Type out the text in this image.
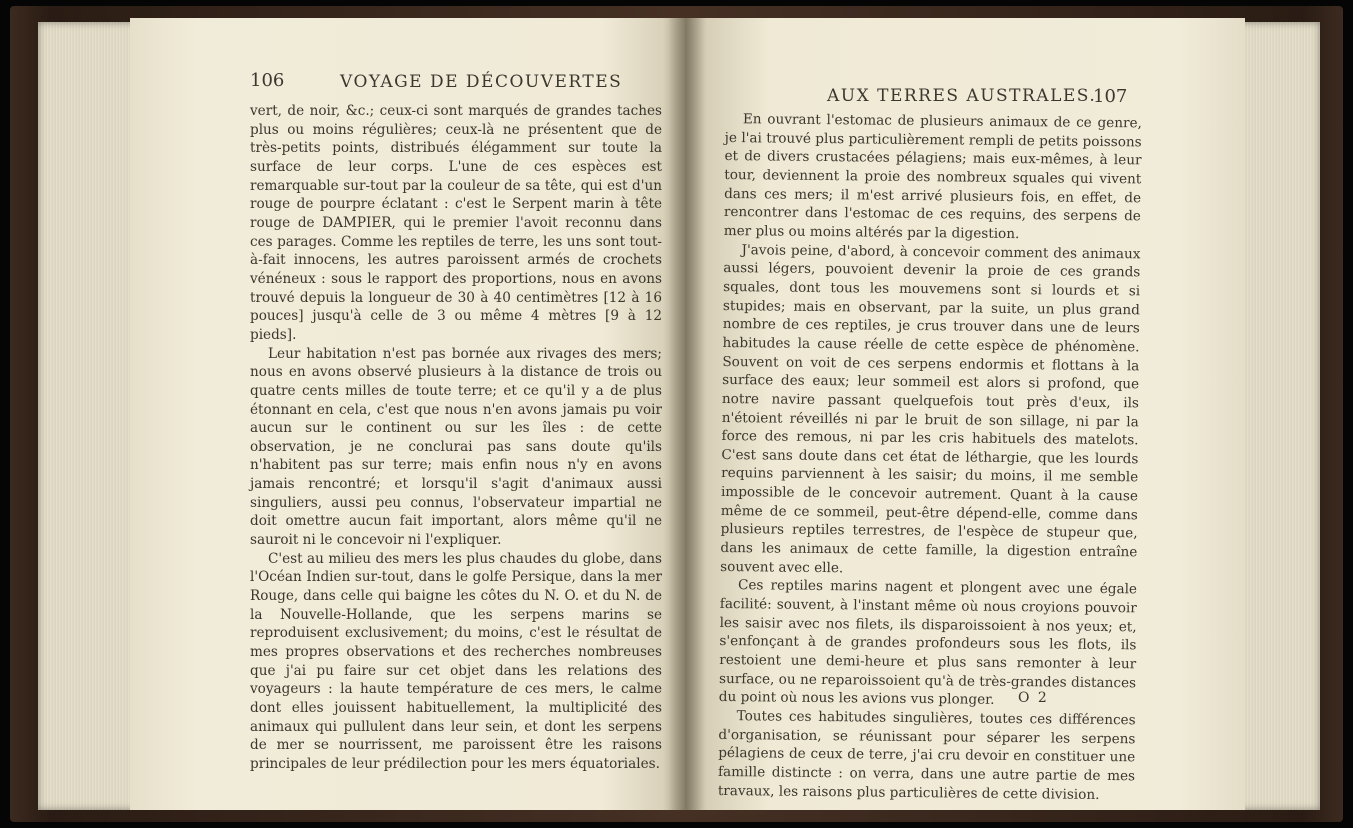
106	VOYAGE DE DÉCOUVERTES

vert, de noir, &c.; ceux-ci sont marqués de grandes taches plus ou moins régulières; ceux-là ne présentent que de très-petits points, distribués élégamment sur toute la surface de leur corps. L'une de ces espèces est remarquable sur-tout par la couleur de sa tête, qui est d'un rouge de pourpre éclatant : c'est le Serpent marin à tête rouge de DAMPIER, qui le premier l'avoit reconnu dans ces parages. Comme les reptiles de terre, les uns sont tout-à-fait innocens, les autres paroissent armés de crochets vénéneux : sous le rapport des proportions, nous en avons trouvé depuis la longueur de 30 à 40 centimètres [12 à 16 pouces] jusqu'à celle de 3 ou même 4 mètres [9 à 12 pieds].

Leur habitation n'est pas bornée aux rivages des mers; nous en avons observé plusieurs à la distance de trois ou quatre cents milles de toute terre; et ce qu'il y a de plus étonnant en cela, c'est que nous n'en avons jamais pu voir aucun sur le continent ou sur les îles : de cette observation, je ne conclurai pas sans doute qu'ils n'habitent pas sur terre; mais enfin nous n'y en avons jamais rencontré; et lorsqu'il s'agit d'animaux aussi singuliers, aussi peu connus, l'observateur impartial ne doit omettre aucun fait important, alors même qu'il ne sauroit ni le concevoir ni l'expliquer.

C'est au milieu des mers les plus chaudes du globe, dans l'Océan Indien sur-tout, dans le golfe Persique, dans la mer Rouge, dans celle qui baigne les côtes du N. O. et du N. de la Nouvelle-Hollande, que les serpens marins se reproduisent exclusivement; du moins, c'est le résultat de mes propres observations et des recherches nombreuses que j'ai pu faire sur cet objet dans les relations des voyageurs : la haute température de ces mers, le calme dont elles jouissent habituellement, la multiplicité des animaux qui pullulent dans leur sein, et dont les serpens de mer se nourrissent, me paroissent être les raisons principales de leur prédilection pour les mers équatoriales.

AUX TERRES AUSTRALES.
107

En ouvrant l'estomac de plusieurs animaux de ce genre, je l'ai trouvé plus particulièrement rempli de petits poissons et de divers crustacées pélagiens; mais eux-mêmes, à leur tour, deviennent la proie des nombreux squales qui vivent dans ces mers; il m'est arrivé plusieurs fois, en effet, de rencontrer dans l'estomac de ces requins, des serpens de mer plus ou moins altérés par la digestion.

J'avois peine, d'abord, à concevoir comment des animaux aussi légers, pouvoient devenir la proie de ces grands squales, dont tous les mouvemens sont si lourds et si stupides; mais en observant, par la suite, un plus grand nombre de ces reptiles, je crus trouver dans une de leurs habitudes la cause réelle de cette espèce de phénomène. Souvent on voit de ces serpens endormis et flottans à la surface des eaux; leur sommeil est alors si profond, que notre navire passant quelquefois tout près d'eux, ils n'étoient réveillés ni par le bruit de son sillage, ni par la force des remous, ni par les cris habituels des matelots. C'est sans doute dans cet état de léthargie, que les lourds requins parviennent à les saisir; du moins, il me semble impossible de le concevoir autrement. Quant à la cause même de ce sommeil, peut-être dépend-elle, comme dans plusieurs reptiles terrestres, de l'espèce de stupeur que, dans les animaux de cette famille, la digestion entraîne souvent avec elle.

Ces reptiles marins nagent et plongent avec une égale facilité: souvent, à l'instant même où nous croyions pouvoir les saisir avec nos filets, ils disparoissoient à nos yeux; et, s'enfonçant à de grandes profondeurs sous les flots, ils restoient une demi-heure et plus sans remonter à leur surface, ou ne reparoissoient qu'à de très-grandes distances du point où nous les avions vus plonger.

Toutes ces habitudes singulières, toutes ces différences d'organisation, se réunissant pour séparer les serpens pélagiens de ceux de terre, j'ai cru devoir en constituer une famille distincte : on verra, dans une autre partie de mes travaux, les raisons plus particulières de cette division.

O 2
